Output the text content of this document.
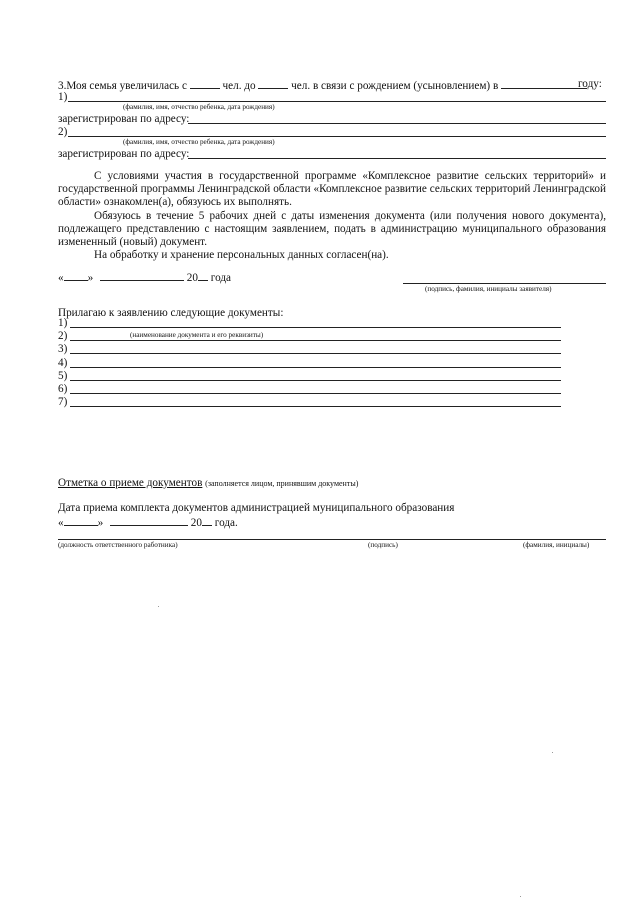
3.Моя семья увеличилась с	чел. до	чел. в связи с рождением (усыновлением) в	году:
1)
(фамилия, имя, отчество ребенка, дата рождения)
зарегистрирован по адресу:
2)
(фамилия, имя, отчество ребенка, дата рождения)
зарегистрирован по адресу:

С условиями участия в государственной программе «Комплексное развитие сельских территорий» и государственной программы Ленинградской области «Комплексное развитие сельских территорий Ленинградской области» ознакомлен(а), обязуюсь их выполнять.

Обязуюсь в течение 5 рабочих дней с даты изменения документа (или получения нового документа), подлежащего представлению с настоящим заявлением, подать в администрацию муниципального образования измененный (новый) документ.

На обработку и хранение персональных данных согласен(на).

« »	20 года
(подпись, фамилия, инициалы заявителя)
Прилагаю к заявлению следующие документы:
1)
2)
3)
4)
5)
6)
7)
(наименование документа и его реквизиты)
Отметка о приеме документов (заполняется лицом, принявшим документы)
Дата приема комплекта документов администрацией муниципального образования
«	»	20 года.
(должность ответственного работника)	(подпись)	(фамилия, инициалы)
